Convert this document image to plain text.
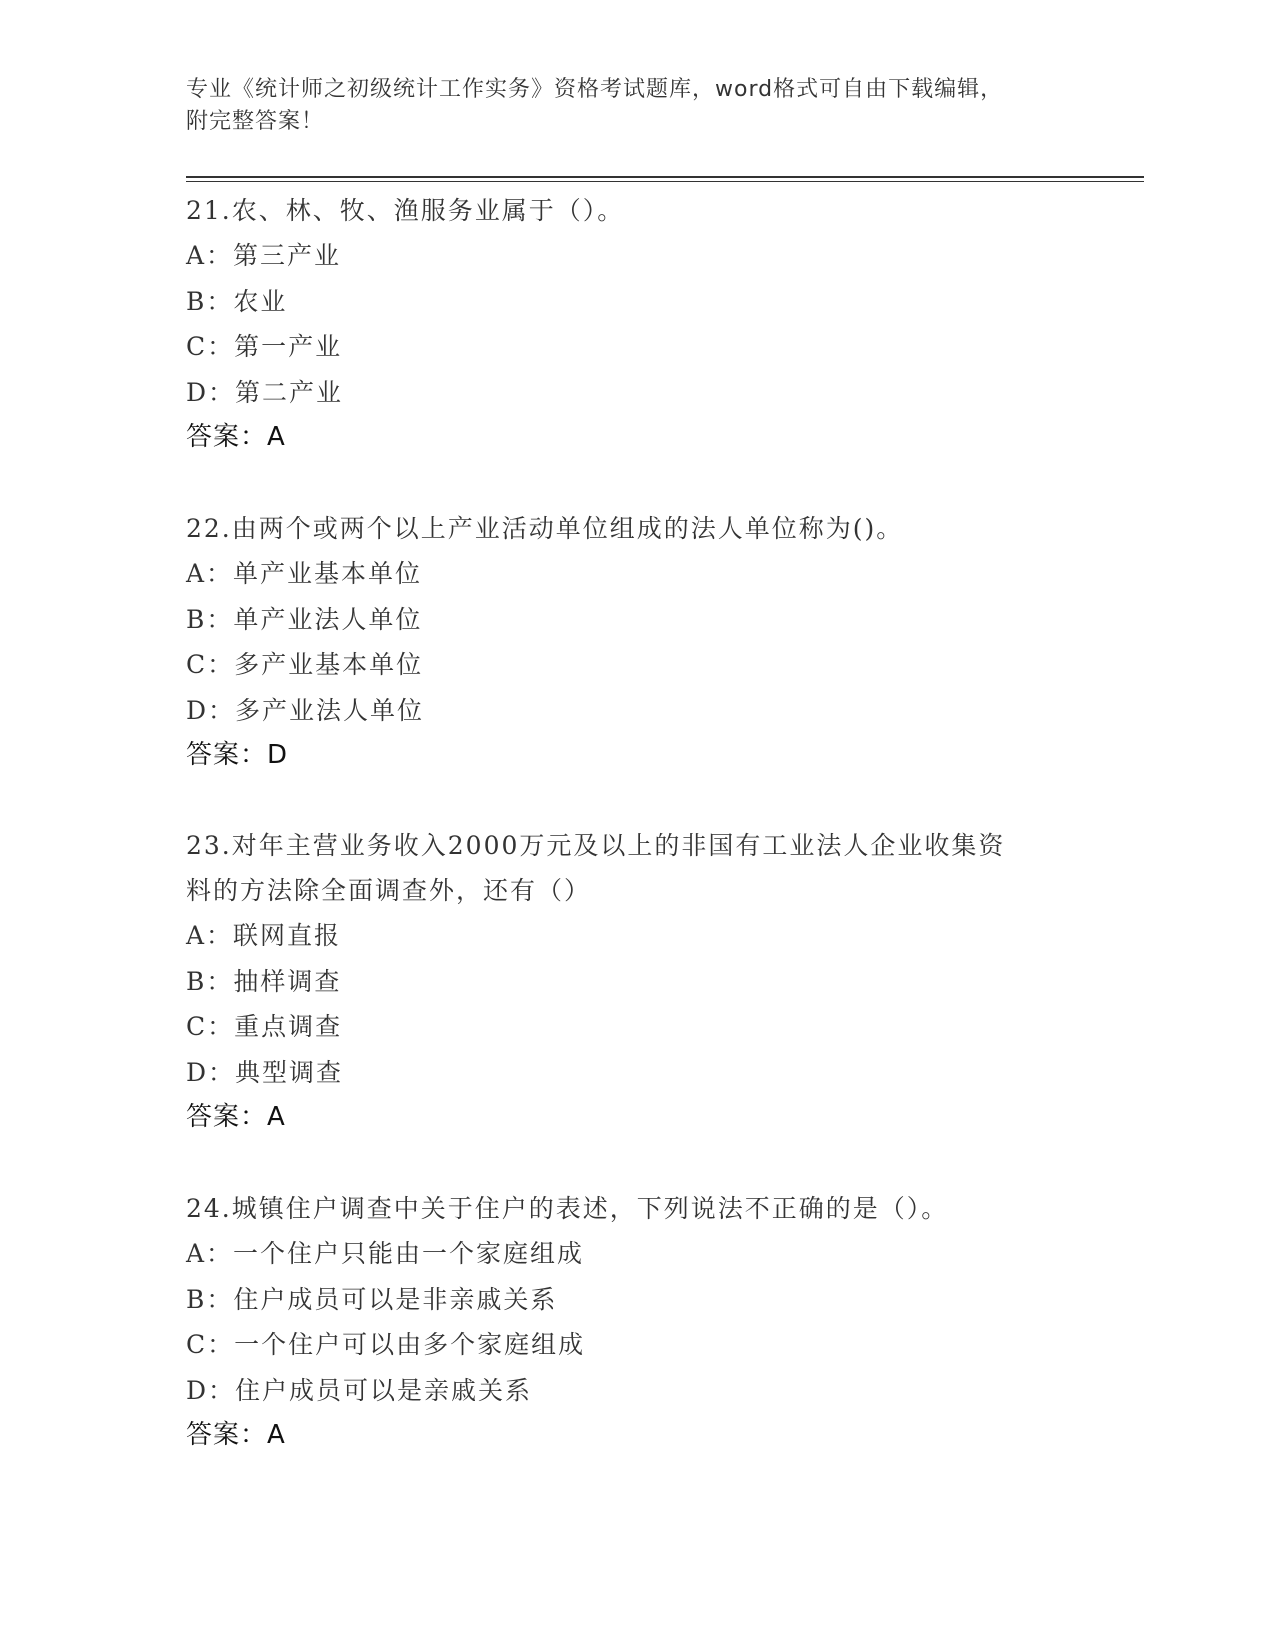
专业《统计师之初级统计工作实务》资格考试题库，word格式可自由下载编辑，
附完整答案！

21.农、林、牧、渔服务业属于（）。

A：第三产业

B：农业

C：第一产业

D：第二产业

答案：A

22.由两个或两个以上产业活动单位组成的法人单位称为()。

A：单产业基本单位

B：单产业法人单位

C：多产业基本单位

D：多产业法人单位

答案：D

23.对年主营业务收入2000万元及以上的非国有工业法人企业收集资

料的方法除全面调查外，还有（）

A：联网直报

B：抽样调查

C：重点调查

D：典型调查

答案：A

24.城镇住户调查中关于住户的表述，下列说法不正确的是（）。

A：一个住户只能由一个家庭组成

B：住户成员可以是非亲戚关系

C：一个住户可以由多个家庭组成

D：住户成员可以是亲戚关系

答案：A
